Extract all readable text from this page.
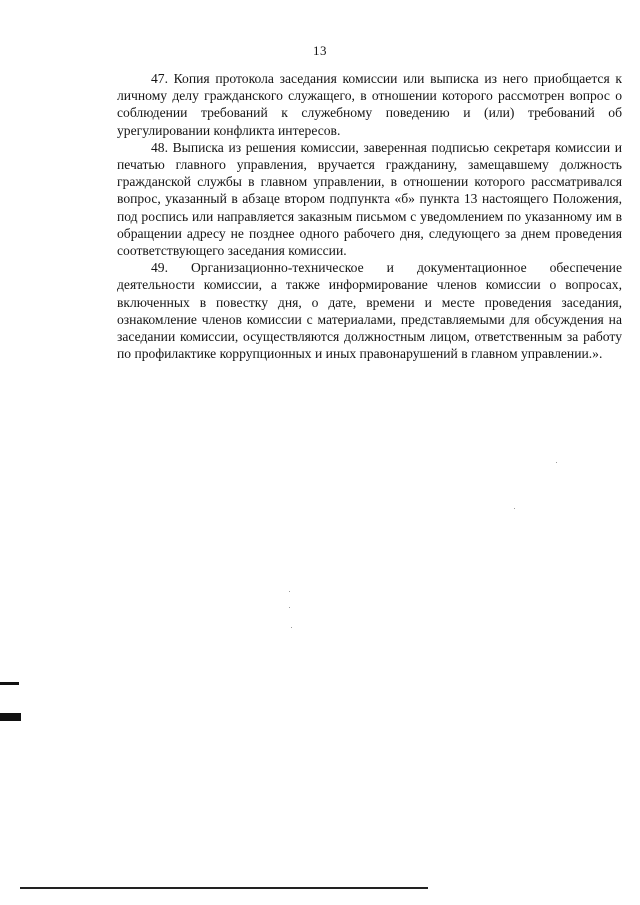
13

47. Копия протокола заседания комиссии или выписка из него приобщается к личному делу гражданского служащего, в отношении которого рассмотрен вопрос о соблюдении требований к служебному поведению и (или) требований об урегулировании конфликта интересов.

48. Выписка из решения комиссии, заверенная подписью секретаря комиссии и печатью главного управления, вручается гражданину, замещавшему должность гражданской службы в главном управлении, в отношении которого рассматривался вопрос, указанный в абзаце втором подпункта «б» пункта 13 настоящего Положения, под роспись или направляется заказным письмом с уведомлением по указанному им в обращении адресу не позднее одного рабочего дня, следующего за днем проведения соответствующего заседания комиссии.

49. Организационно-техническое и документационное обеспечение деятельности комиссии, а также информирование членов комиссии о вопросах, включенных в повестку дня, о дате, времени и месте проведения заседания, ознакомление членов комиссии с материалами, представляемыми для обсуждения на заседании комиссии, осуществляются должностным лицом, ответственным за работу по профилактике коррупционных и иных правонарушений в главном управлении.».
